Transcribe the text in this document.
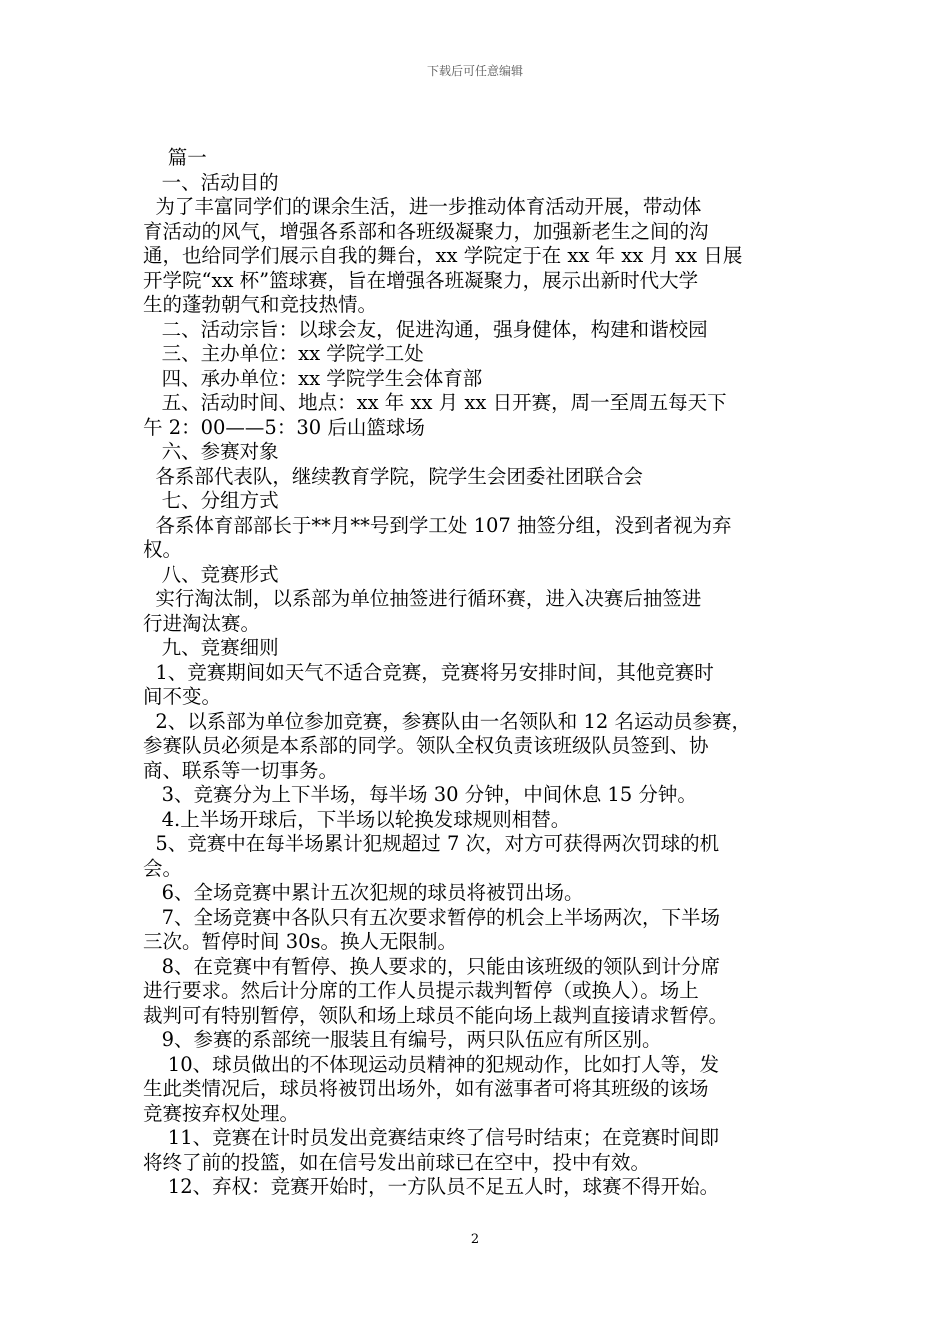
下载后可任意编辑

篇一

一、活动目的

为了丰富同学们的课余生活，进一步推动体育活动开展，带动体

育活动的风气，增强各系部和各班级凝聚力，加强新老生之间的沟

通，也给同学们展示自我的舞台，xx 学院定于在 xx 年 xx 月 xx 日展

开学院“xx 杯”篮球赛，旨在增强各班凝聚力，展示出新时代大学

生的蓬勃朝气和竞技热情。

二、活动宗旨：以球会友，促进沟通，强身健体，构建和谐校园

三、主办单位：xx 学院学工处

四、承办单位：xx 学院学生会体育部

五、活动时间、地点：xx 年 xx 月 xx 日开赛，周一至周五每天下

午 2：00——5：30 后山篮球场

六、参赛对象

各系部代表队，继续教育学院，院学生会团委社团联合会

七、分组方式

各系体育部部长于**月**号到学工处 107 抽签分组，没到者视为弃

权。

八、竞赛形式

实行淘汰制，以系部为单位抽签进行循环赛，进入决赛后抽签进

行进淘汰赛。

九、竞赛细则

1、竞赛期间如天气不适合竞赛，竞赛将另安排时间，其他竞赛时

间不变。

2、以系部为单位参加竞赛，参赛队由一名领队和 12 名运动员参赛，

参赛队员必须是本系部的同学。领队全权负责该班级队员签到、协

商、联系等一切事务。

3、竞赛分为上下半场，每半场 30 分钟，中间休息 15 分钟。

4.上半场开球后，下半场以轮换发球规则相替。

5、竞赛中在每半场累计犯规超过 7 次，对方可获得两次罚球的机

会。

6、全场竞赛中累计五次犯规的球员将被罚出场。

7、全场竞赛中各队只有五次要求暂停的机会上半场两次，下半场

三次。暂停时间 30s。换人无限制。

8、在竞赛中有暂停、换人要求的，只能由该班级的领队到计分席

进行要求。然后计分席的工作人员提示裁判暂停（或换人）。场上

裁判可有特别暂停，领队和场上球员不能向场上裁判直接请求暂停。

9、参赛的系部统一服装且有编号，两只队伍应有所区别。

10、球员做出的不体现运动员精神的犯规动作，比如打人等，发

生此类情况后，球员将被罚出场外，如有滋事者可将其班级的该场

竞赛按弃权处理。

11、竞赛在计时员发出竞赛结束终了信号时结束；在竞赛时间即

将终了前的投篮，如在信号发出前球已在空中，投中有效。

12、弃权：竞赛开始时，一方队员不足五人时，球赛不得开始。

2
